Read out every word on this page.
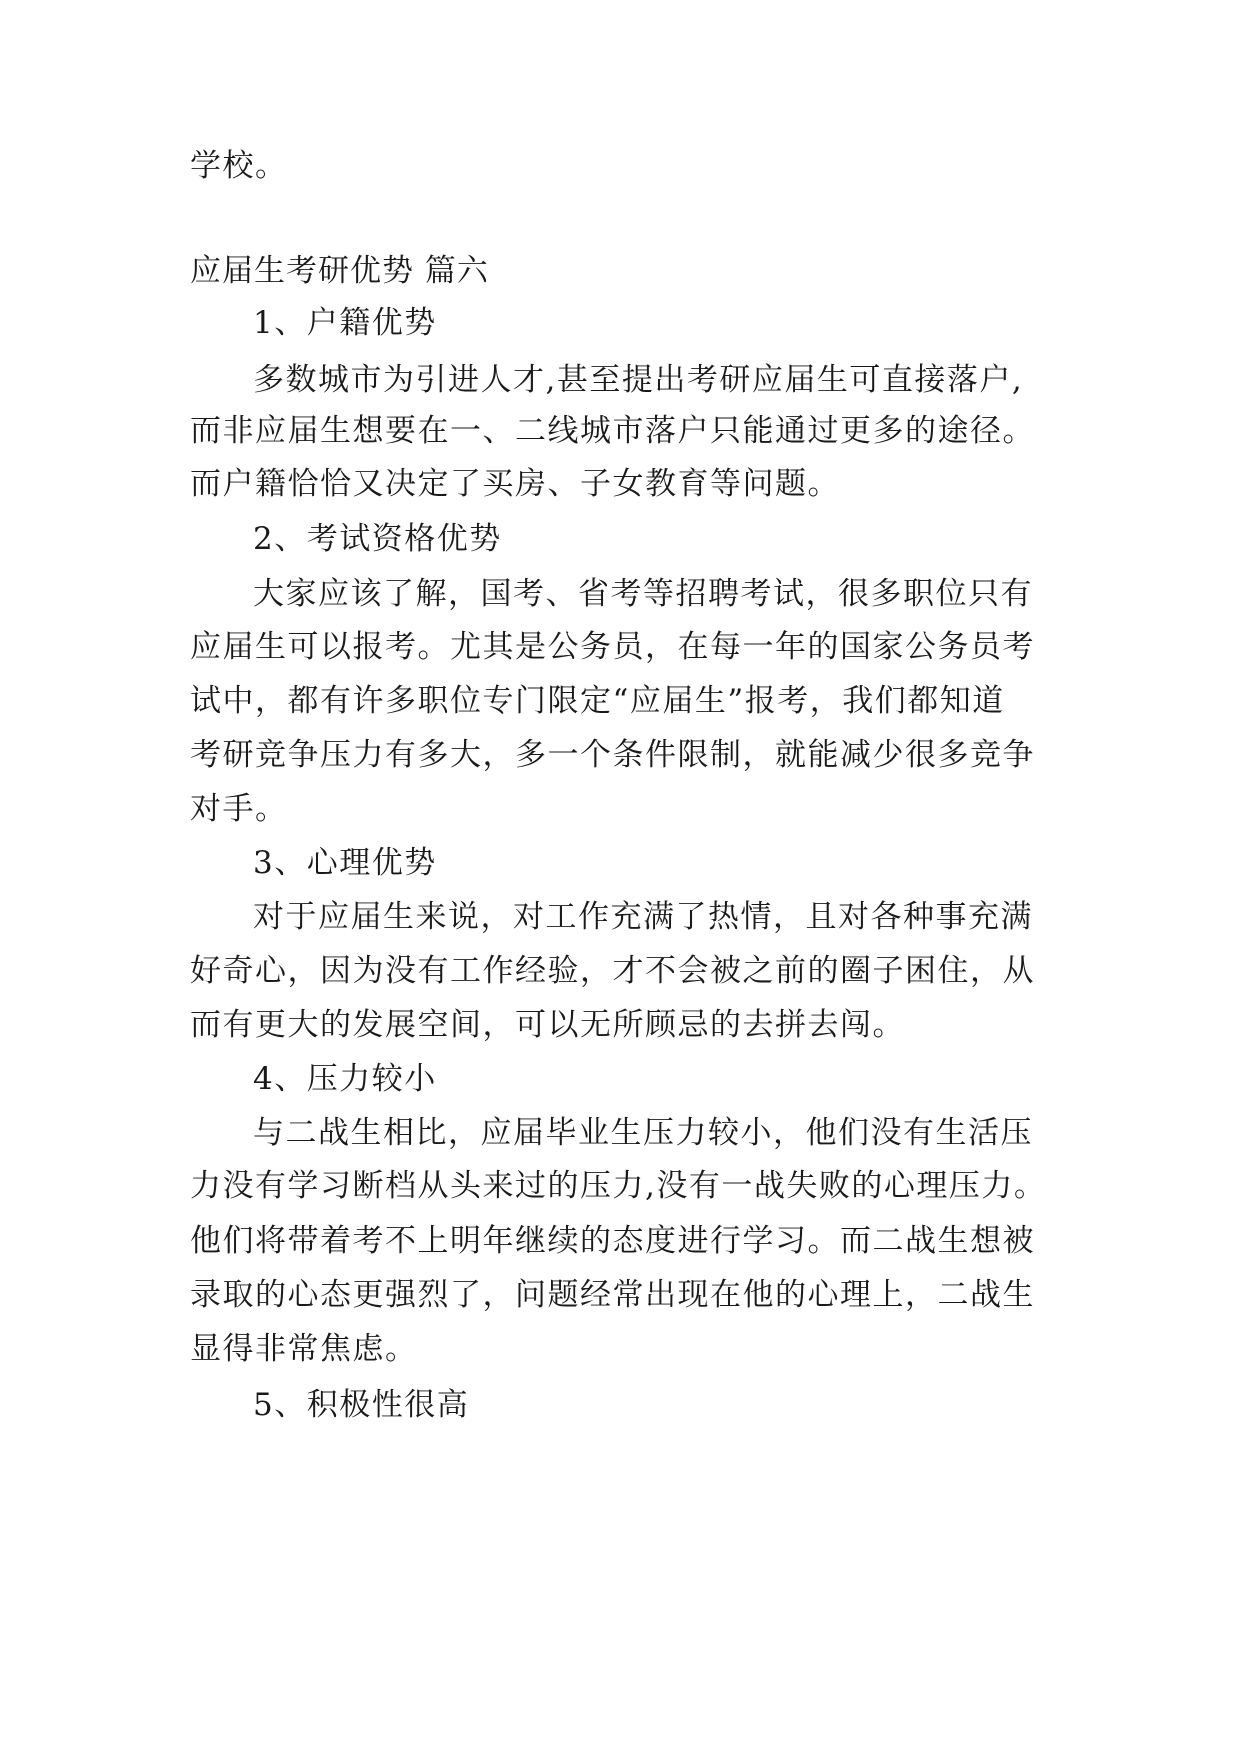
学校。
应届生考研优势 篇六
1、户籍优势
多数城市为引进人才,甚至提出考研应届生可直接落户,
而非应届生想要在一、二线城市落户只能通过更多的途径。
而户籍恰恰又决定了买房、子女教育等问题。
2、考试资格优势
大家应该了解，国考、省考等招聘考试，很多职位只有
应届生可以报考。尤其是公务员，在每一年的国家公务员考
试中，都有许多职位专门限定“应届生”报考，我们都知道
考研竞争压力有多大，多一个条件限制，就能减少很多竞争
对手。
3、心理优势
对于应届生来说，对工作充满了热情，且对各种事充满
好奇心，因为没有工作经验，才不会被之前的圈子困住，从
而有更大的发展空间，可以无所顾忌的去拼去闯。
4、压力较小
与二战生相比，应届毕业生压力较小，他们没有生活压
力没有学习断档从头来过的压力,没有一战失败的心理压力。
他们将带着考不上明年继续的态度进行学习。而二战生想被
录取的心态更强烈了，问题经常出现在他的心理上，二战生
显得非常焦虑。
5、积极性很高
